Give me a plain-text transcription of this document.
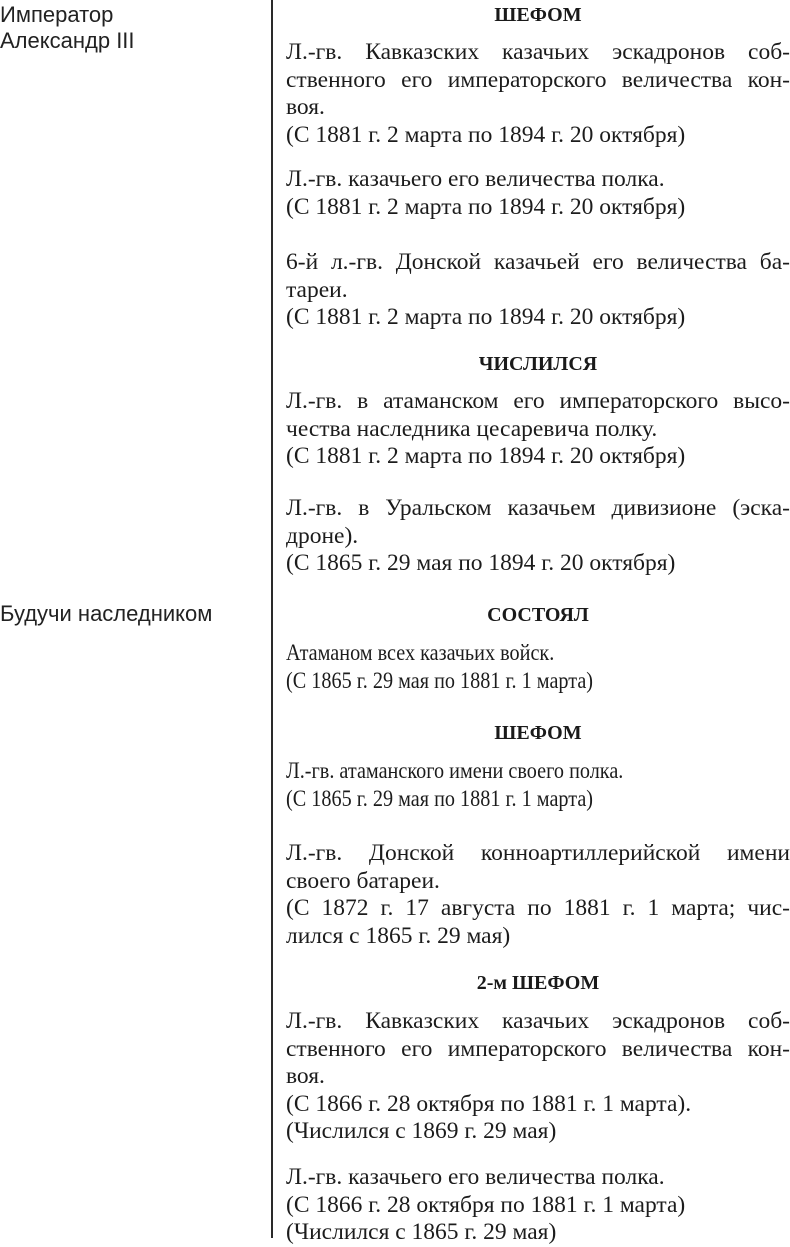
Император
Александр III
Будучи наследником
ШЕФОМ
Л.-гв. Кавказских казачьих эскадронов соб-
ственного его императорского величества кон-
воя.
(С 1881 г. 2 марта по 1894 г. 20 октября)
Л.-гв. казачьего его величества полка.
(С 1881 г. 2 марта по 1894 г. 20 октября)
6-й л.-гв. Донской казачьей его величества ба-
тареи.
(С 1881 г. 2 марта по 1894 г. 20 октября)
ЧИСЛИЛСЯ
Л.-гв. в атаманском его императорского высо-
чества наследника цесаревича полку.
(С 1881 г. 2 марта по 1894 г. 20 октября)
Л.-гв. в Уральском казачьем дивизионе (эска-
дроне).
(С 1865 г. 29 мая по 1894 г. 20 октября)
СОСТОЯЛ
Атаманом всех казачьих войск.
(С 1865 г. 29 мая по 1881 г. 1 марта)
ШЕФОМ
Л.-гв. атаманского имени своего полка.
(С 1865 г. 29 мая по 1881 г. 1 марта)
Л.-гв. Донской конноартиллерийской имени
своего батареи.
(С 1872 г. 17 августа по 1881 г. 1 марта; чис-
лился с 1865 г. 29 мая)
2-м ШЕФОМ
Л.-гв. Кавказских казачьих эскадронов соб-
ственного его императорского величества кон-
воя.
(С 1866 г. 28 октября по 1881 г. 1 марта).
(Числился с 1869 г. 29 мая)
Л.-гв. казачьего его величества полка.
(С 1866 г. 28 октября по 1881 г. 1 марта)
(Числился с 1865 г. 29 мая)
